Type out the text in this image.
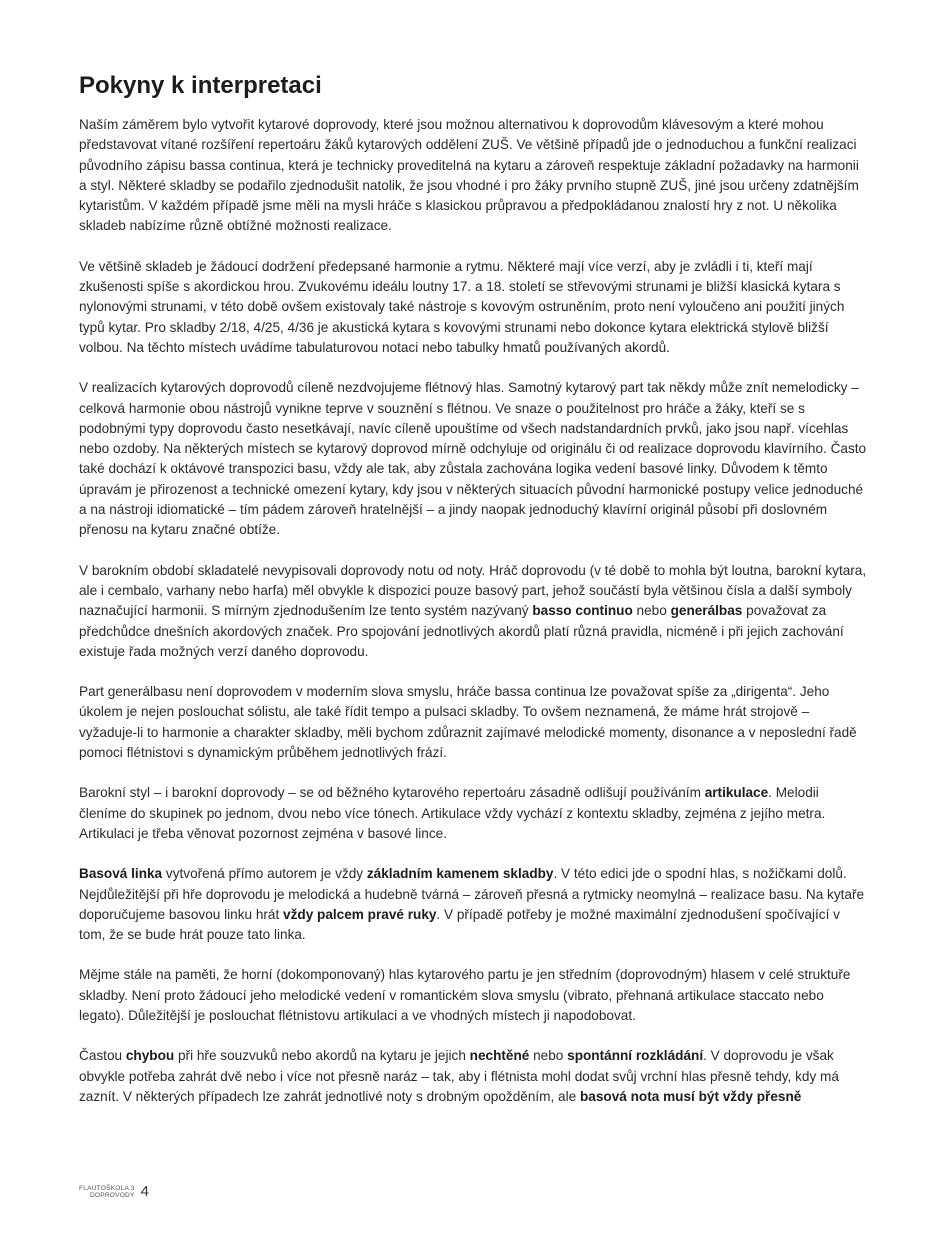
Pokyny k interpretaci

Naším záměrem bylo vytvořit kytarové doprovody, které jsou možnou alternativou k doprovodům klávesovým a které mohou představovat vítané rozšíření repertoáru žáků kytarových oddělení ZUŠ. Ve většině případů jde o jednoduchou a funkční realizaci původního zápisu bassa continua, která je technicky proveditelná na kytaru a zároveň respektuje základní požadavky na harmonii a styl. Některé skladby se podařilo zjednodušit natolik, že jsou vhodné i pro žáky prvního stupně ZUŠ, jiné jsou určeny zdatnějším kytaristům. V každém případě jsme měli na mysli hráče s klasickou průpravou a předpokládanou znalostí hry z not. U několika skladeb nabízíme různě obtížné možnosti realizace.

Ve většině skladeb je žádoucí dodržení předepsané harmonie a rytmu. Některé mají více verzí, aby je zvládli i ti, kteří mají zkušenosti spíše s akordickou hrou. Zvukovému ideálu loutny 17. a 18. století se střevovými strunami je bližší klasická kytara s nylonovými strunami, v této době ovšem existovaly také nástroje s kovovým ostruněním, proto není vyloučeno ani použití jiných typů kytar. Pro skladby 2/18, 4/25, 4/36 je akustická kytara s kovovými strunami nebo dokonce kytara elektrická stylově bližší volbou. Na těchto místech uvádíme tabulaturovou notaci nebo tabulky hmatů používaných akordů.

V realizacích kytarových doprovodů cíleně nezdvojujeme flétnový hlas. Samotný kytarový part tak někdy může znít nemelodicky – celková harmonie obou nástrojů vynikne teprve v souznění s flétnou. Ve snaze o použitelnost pro hráče a žáky, kteří se s podobnými typy doprovodu často nesetkávají, navíc cíleně upouštíme od všech nadstandardních prvků, jako jsou např. vícehlas nebo ozdoby. Na některých místech se kytarový doprovod mírně odchyluje od originálu či od realizace doprovodu klavírního. Často také dochází k oktávové transpozici basu, vždy ale tak, aby zůstala zachována logika vedení basové linky. Důvodem k těmto úpravám je přirozenost a technické omezení kytary, kdy jsou v některých situacích původní harmonické postupy velice jednoduché a na nástroji idiomatické – tím pádem zároveň hratelnější – a jindy naopak jednoduchý klavírní originál působí při doslovném přenosu na kytaru značné obtíže.

V barokním období skladatelé nevypisovali doprovody notu od noty. Hráč doprovodu (v té době to mohla být loutna, barokní kytara, ale i cembalo, varhany nebo harfa) měl obvykle k dispozici pouze basový part, jehož součástí byla většinou čísla a další symboly naznačující harmonii. S mírným zjednodušením lze tento systém nazývaný basso continuo nebo generálbas považovat za předchůdce dnešních akordových značek. Pro spojování jednotlivých akordů platí různá pravidla, nicméně i při jejich zachování existuje řada možných verzí daného doprovodu.

Part generálbasu není doprovodem v moderním slova smyslu, hráče bassa continua lze považovat spíše za „dirigenta“. Jeho úkolem je nejen poslouchat sólistu, ale také řídit tempo a pulsaci skladby. To ovšem neznamená, že máme hrát strojově – vyžaduje-li to harmonie a charakter skladby, měli bychom zdůraznit zajímavé melodické momenty, disonance a v neposlední řadě pomoci flétnistovi s dynamickým průběhem jednotlivých frází.

Barokní styl – i barokní doprovody – se od běžného kytarového repertoáru zásadně odlišují používáním artikulace. Melodii členíme do skupinek po jednom, dvou nebo více tónech. Artikulace vždy vychází z kontextu skladby, zejména z jejího metra. Artikulaci je třeba věnovat pozornost zejména v basové lince.

Basová linka vytvořená přímo autorem je vždy základním kamenem skladby. V této edici jde o spodní hlas, s nožičkami dolů. Nejdůležitější při hře doprovodu je melodická a hudebně tvárná – zároveň přesná a rytmicky neomylná – realizace basu. Na kytaře doporučujeme basovou linku hrát vždy palcem pravé ruky. V případě potřeby je možné maximální zjednodušení spočívající v tom, že se bude hrát pouze tato linka.

Mějme stále na paměti, že horní (dokomponovaný) hlas kytarového partu je jen středním (doprovodným) hlasem v celé struktuře skladby. Není proto žádoucí jeho melodické vedení v romantickém slova smyslu (vibrato, přehnaná artikulace staccato nebo legato). Důležitější je poslouchat flétnistovu artikulaci a ve vhodných místech ji napodobovat.

Častou chybou při hře souzvuků nebo akordů na kytaru je jejich nechtěné nebo spontánní rozkládání. V doprovodu je však obvykle potřeba zahrát dvě nebo i více not přesně naráz – tak, aby i flétnista mohl dodat svůj vrchní hlas přesně tehdy, kdy má zaznít. V některých případech lze zahrát jednotlivé noty s drobným opožděním, ale basová nota musí být vždy přesně

FLAUTOŠKOLA 3
DOPROVODY 4
